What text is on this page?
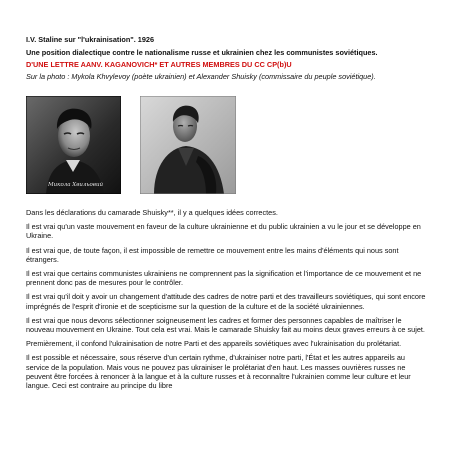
I.V. Staline sur "l'ukrainisation". 1926

Une position dialectique contre le nationalisme russe et ukrainien chez les communistes soviétiques.

D'UNE LETTRE AANV. KAGANOVICH* ET AUTRES MEMBRES DU CC CP(b)U

Sur la photo : Mykola Khvylevoy (poète ukrainien) et Alexander Shuisky (commissaire du peuple soviétique).

Микола Хвильовий

Dans les déclarations du camarade Shuisky**, il y a quelques idées correctes.

Il est vrai qu'un vaste mouvement en faveur de la culture ukrainienne et du public ukrainien a vu le jour et se développe en Ukraine.

Il est vrai que, de toute façon, il est impossible de remettre ce mouvement entre les mains d'éléments qui nous sont étrangers.

Il est vrai que certains communistes ukrainiens ne comprennent pas la signification et l'importance de ce mouvement et ne prennent donc pas de mesures pour le contrôler.

Il est vrai qu'il doit y avoir un changement d'attitude des cadres de notre parti et des travailleurs soviétiques, qui sont encore imprégnés de l'esprit d'ironie et de scepticisme sur la question de la culture et de la société ukrainiennes.

Il est vrai que nous devons sélectionner soigneusement les cadres et former des personnes capables de maîtriser le nouveau mouvement en Ukraine. Tout cela est vrai. Mais le camarade Shuisky fait au moins deux graves erreurs à ce sujet.

Premièrement, il confond l'ukrainisation de notre Parti et des appareils soviétiques avec l'ukrainisation du prolétariat.

Il est possible et nécessaire, sous réserve d'un certain rythme, d'ukrainiser notre parti, l'État et les autres appareils au service de la population. Mais vous ne pouvez pas ukrainiser le prolétariat d'en haut. Les masses ouvrières russes ne peuvent être forcées à renoncer à la langue et à la culture russes et à reconnaître l'ukrainien comme leur culture et leur langue. Ceci est contraire au principe du libre
